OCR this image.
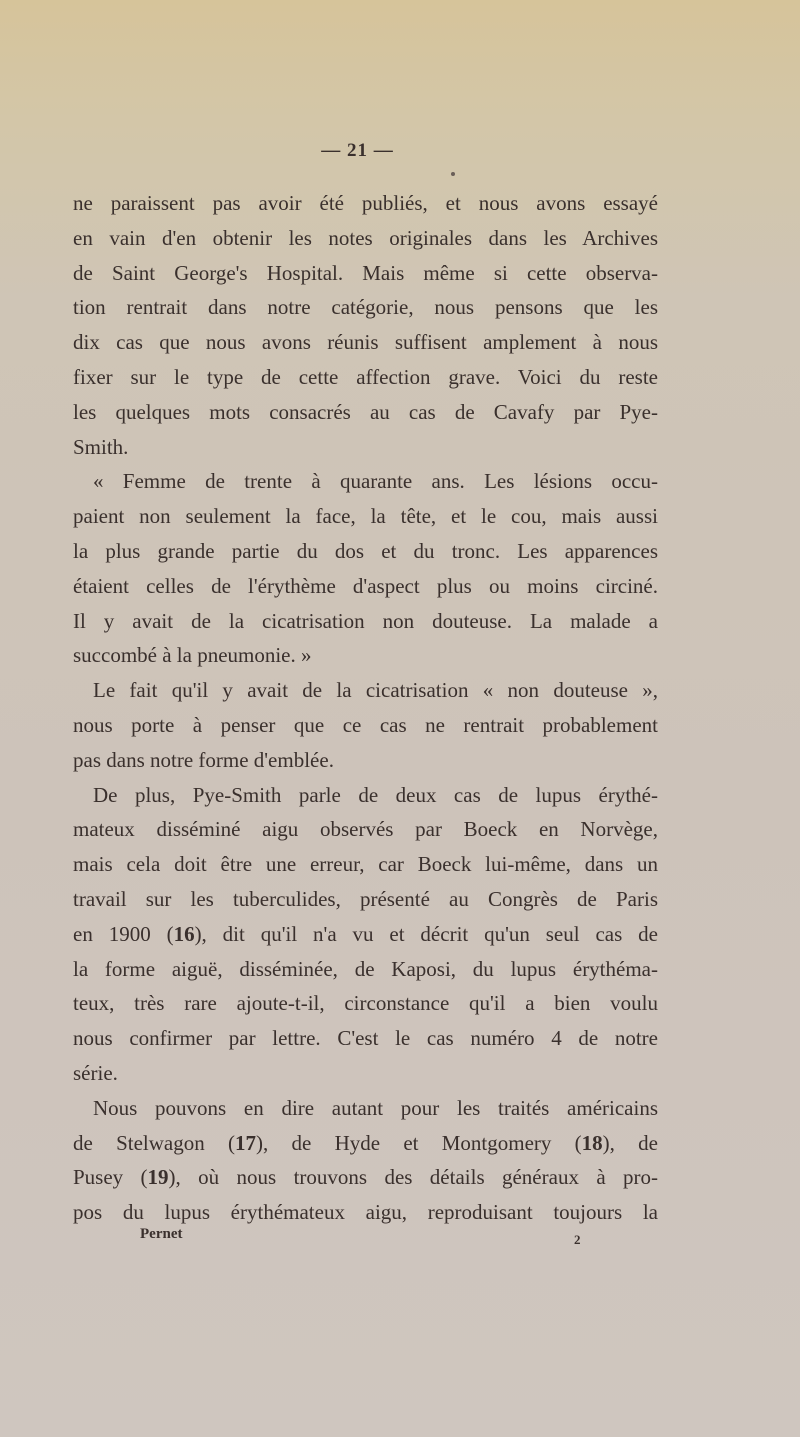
— 21 —
ne paraissent pas avoir été publiés, et nous avons essayé
en vain d'en obtenir les notes originales dans les Archives
de Saint George's Hospital. Mais même si cette observa-
tion rentrait dans notre catégorie, nous pensons que les
dix cas que nous avons réunis suffisent amplement à nous
fixer sur le type de cette affection grave. Voici du reste
les quelques mots consacrés au cas de Cavafy par Pye-
Smith.
« Femme de trente à quarante ans. Les lésions occu-
paient non seulement la face, la tête, et le cou, mais aussi
la plus grande partie du dos et du tronc. Les apparences
étaient celles de l'érythème d'aspect plus ou moins circiné.
Il y avait de la cicatrisation non douteuse. La malade a
succombé à la pneumonie. »
Le fait qu'il y avait de la cicatrisation « non douteuse »,
nous porte à penser que ce cas ne rentrait probablement
pas dans notre forme d'emblée.
De plus, Pye-Smith parle de deux cas de lupus érythé-
mateux disséminé aigu observés par Boeck en Norvège,
mais cela doit être une erreur, car Boeck lui-même, dans un
travail sur les tuberculides, présenté au Congrès de Paris
en 1900 (16), dit qu'il n'a vu et décrit qu'un seul cas de
la forme aiguë, disséminée, de Kaposi, du lupus érythéma-
teux, très rare ajoute-t-il, circonstance qu'il a bien voulu
nous confirmer par lettre. C'est le cas numéro 4 de notre
série.
Nous pouvons en dire autant pour les traités américains
de Stelwagon (17), de Hyde et Montgomery (18), de
Pusey (19), où nous trouvons des détails généraux à pro-
pos du lupus érythémateux aigu, reproduisant toujours la
Pernet	2
